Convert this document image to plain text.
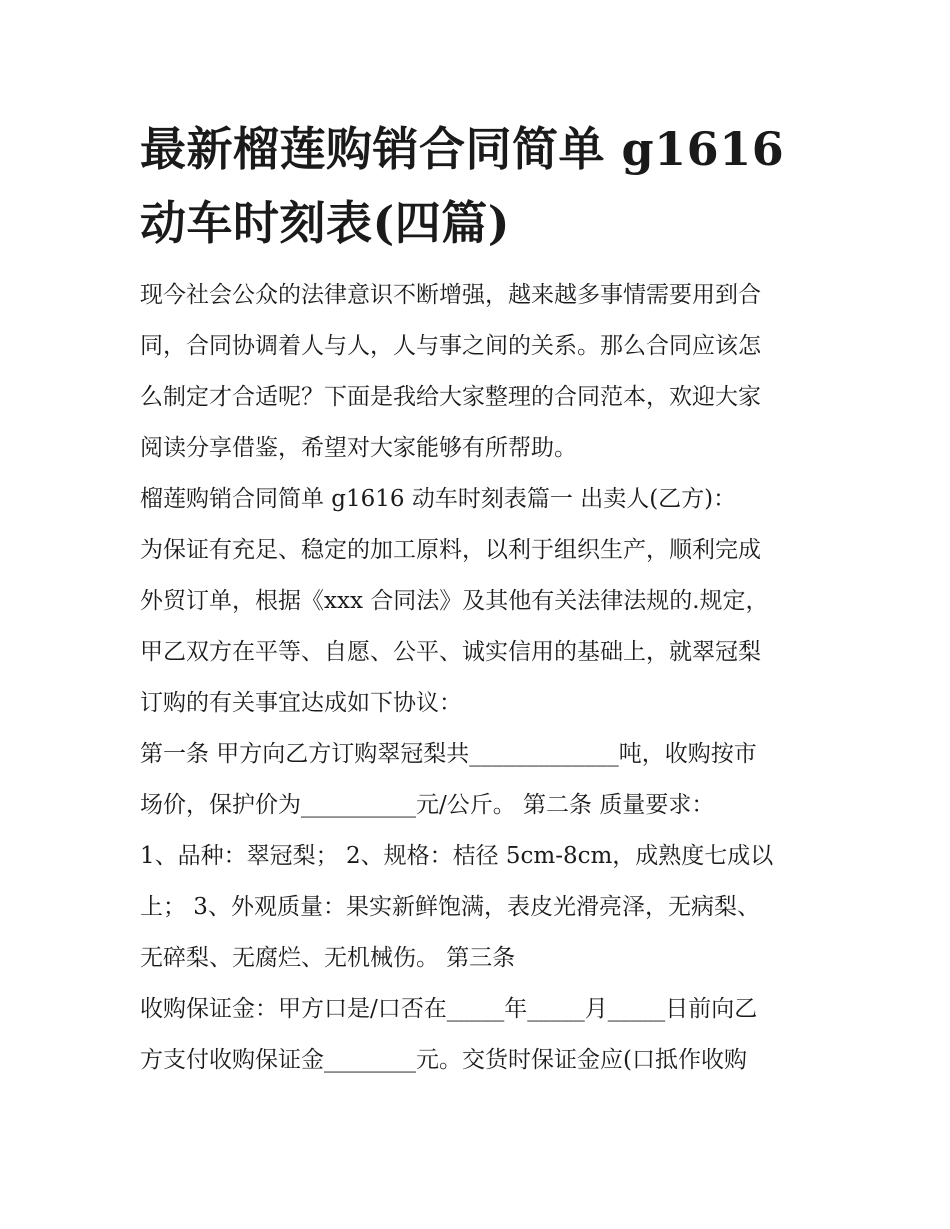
最新榴莲购销合同简单 g1616
动车时刻表(四篇)

现今社会公众的法律意识不断增强，越来越多事情需要用到合
同，合同协调着人与人，人与事之间的关系。那么合同应该怎
么制定才合适呢？下面是我给大家整理的合同范本，欢迎大家
阅读分享借鉴，希望对大家能够有所帮助。

榴莲购销合同简单 g1616 动车时刻表篇一 出卖人(乙方)：

为保证有充足、稳定的加工原料，以利于组织生产，顺利完成
外贸订单，根据《xxx 合同法》及其他有关法律法规的.规定，
甲乙双方在平等、自愿、公平、诚实信用的基础上，就翠冠梨
订购的有关事宜达成如下协议：

第一条 甲方向乙方订购翠冠梨共_____________吨，收购按市
场价，保护价为__________元/公斤。 第二条 质量要求：
1、品种：翠冠梨； 2、规格：桔径 5cm-8cm，成熟度七成以
上； 3、外观质量：果实新鲜饱满，表皮光滑亮泽，无病梨、
无碎梨、无腐烂、无机械伤。 第三条

收购保证金：甲方口是/口否在_____年_____月_____日前向乙
方支付收购保证金________元。交货时保证金应(口抵作收购
